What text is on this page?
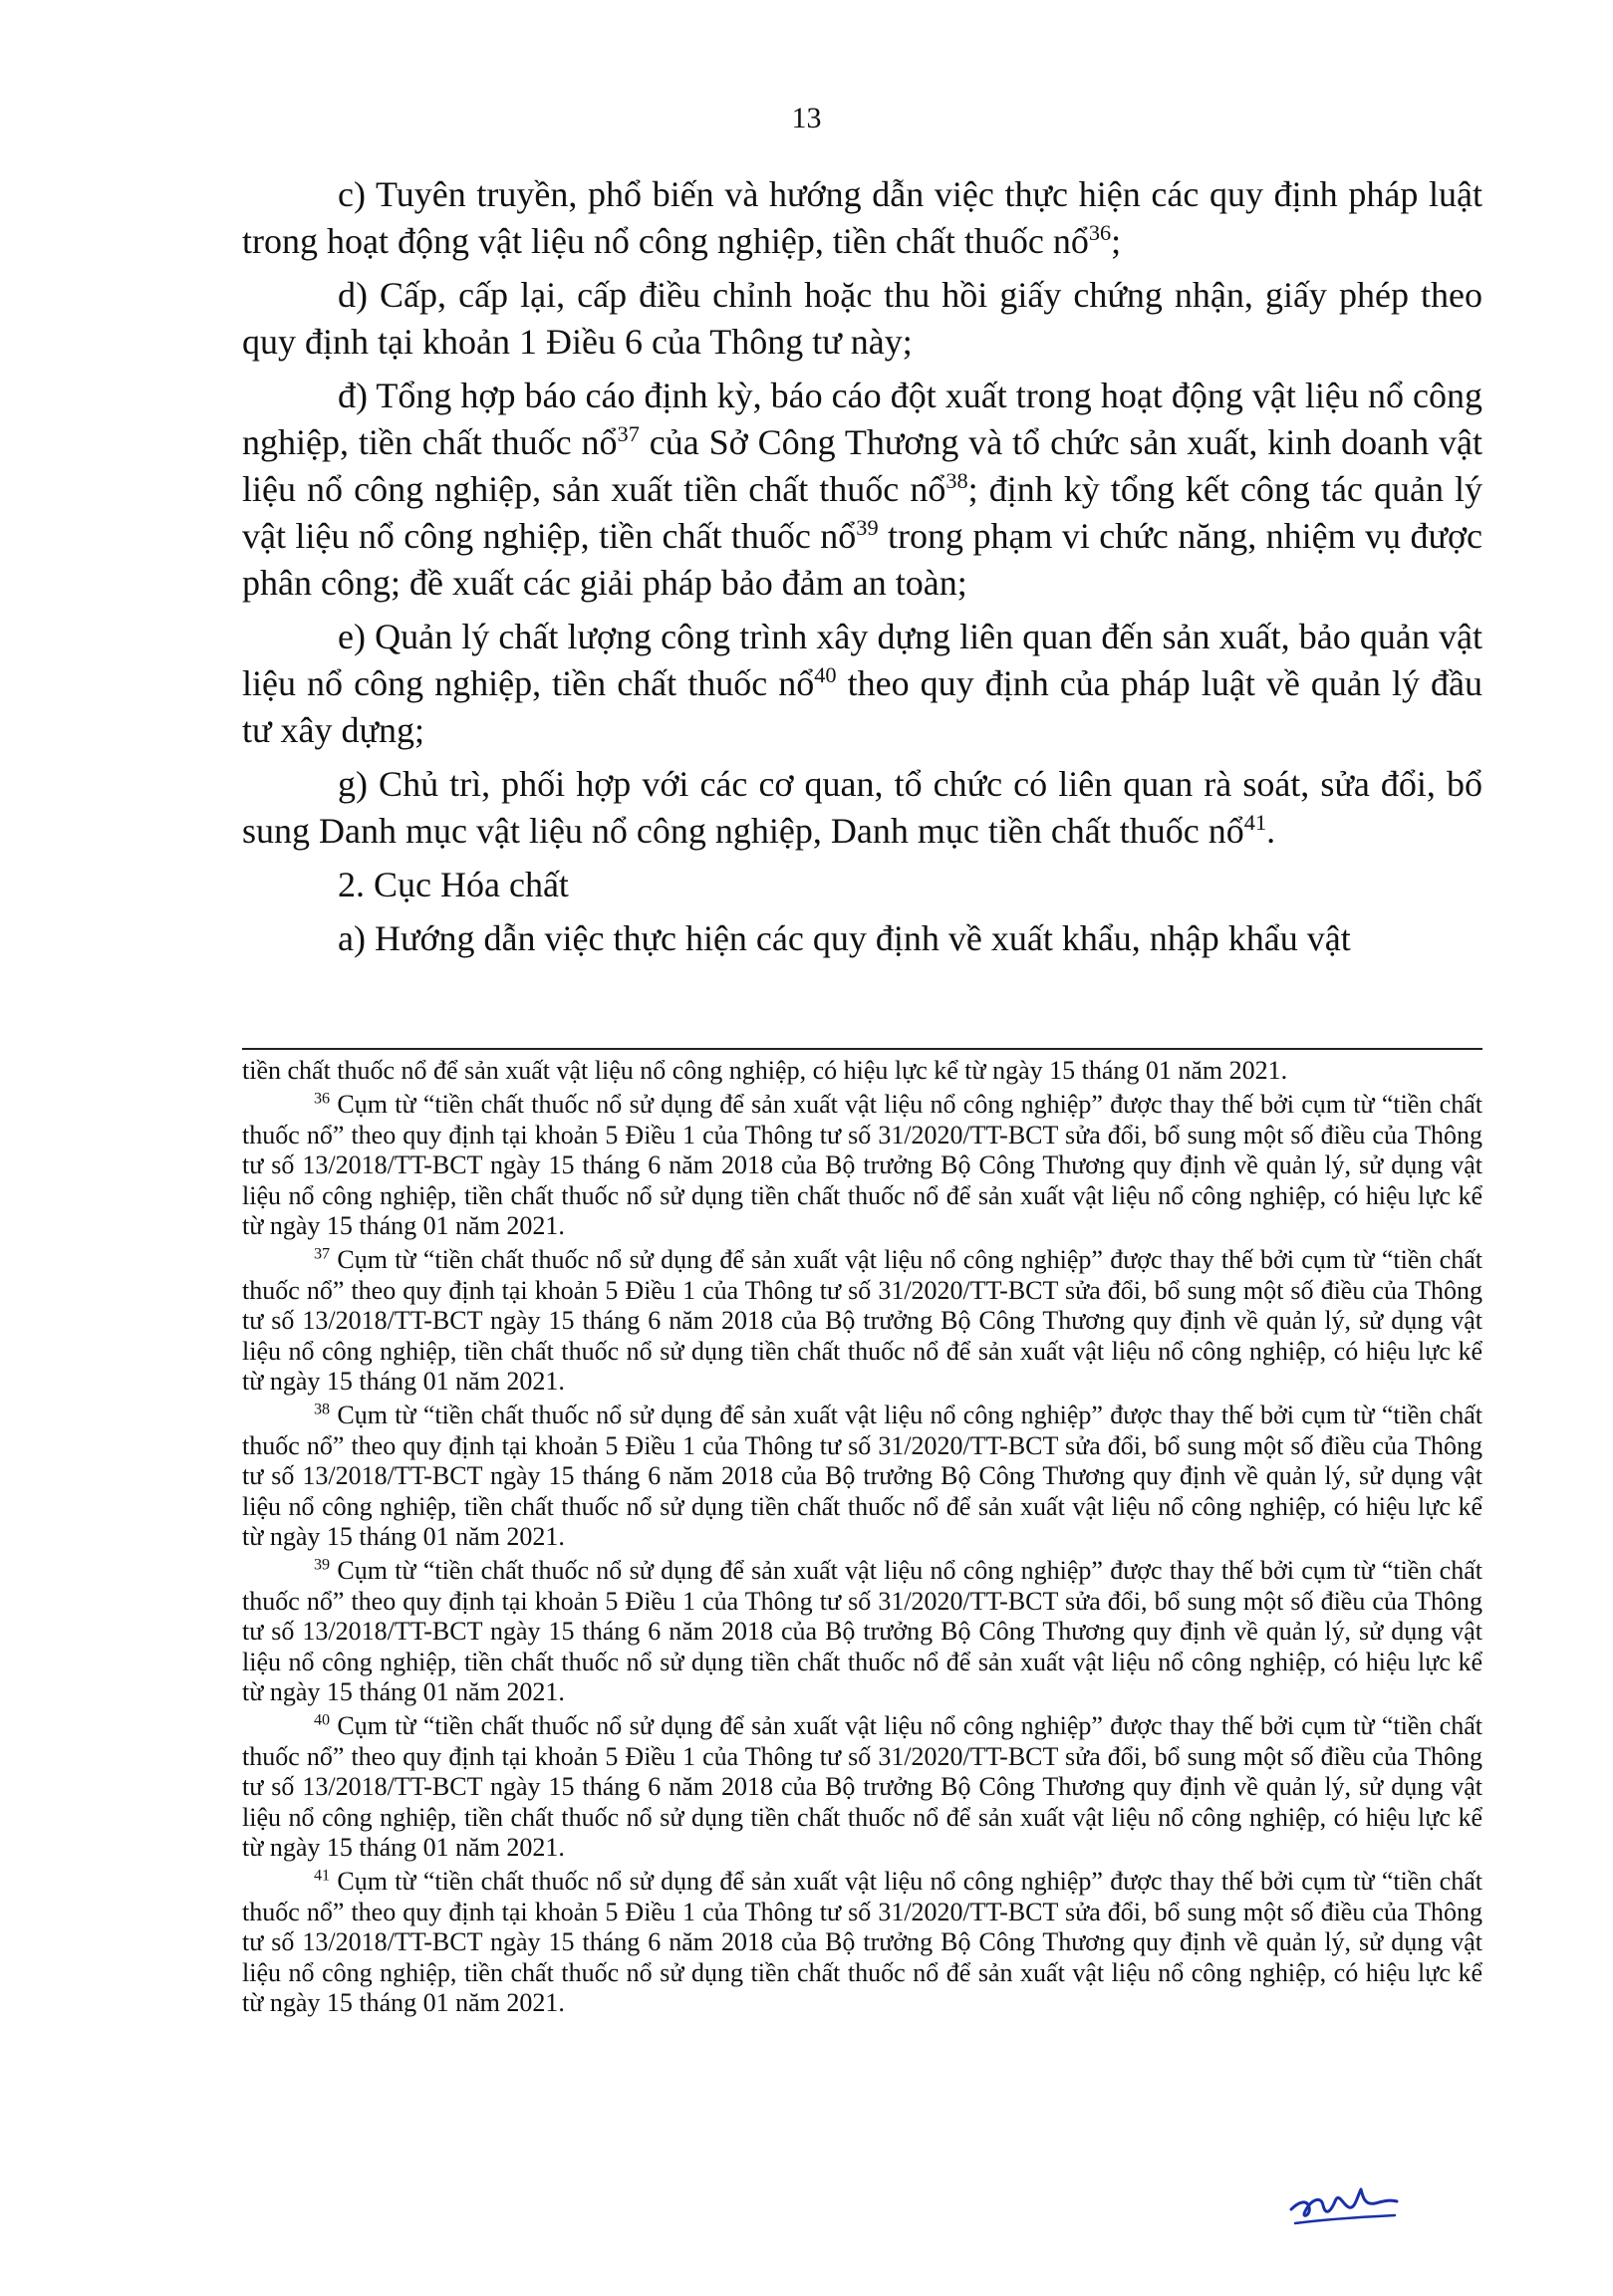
13

c) Tuyên truyền, phổ biến và hướng dẫn việc thực hiện các quy định pháp luật trong hoạt động vật liệu nổ công nghiệp, tiền chất thuốc nổ$^{36}$;

d) Cấp, cấp lại, cấp điều chỉnh hoặc thu hồi giấy chứng nhận, giấy phép theo quy định tại khoản 1 Điều 6 của Thông tư này;

đ) Tổng hợp báo cáo định kỳ, báo cáo đột xuất trong hoạt động vật liệu nổ công nghiệp, tiền chất thuốc nổ$^{37}$ của Sở Công Thương và tổ chức sản xuất, kinh doanh vật liệu nổ công nghiệp, sản xuất tiền chất thuốc nổ$^{38}$; định kỳ tổng kết công tác quản lý vật liệu nổ công nghiệp, tiền chất thuốc nổ$^{39}$ trong phạm vi chức năng, nhiệm vụ được phân công; đề xuất các giải pháp bảo đảm an toàn;

e) Quản lý chất lượng công trình xây dựng liên quan đến sản xuất, bảo quản vật liệu nổ công nghiệp, tiền chất thuốc nổ$^{40}$ theo quy định của pháp luật về quản lý đầu tư xây dựng;

g) Chủ trì, phối hợp với các cơ quan, tổ chức có liên quan rà soát, sửa đổi, bổ sung Danh mục vật liệu nổ công nghiệp, Danh mục tiền chất thuốc nổ$^{41}$.

2. Cục Hóa chất

a) Hướng dẫn việc thực hiện các quy định về xuất khẩu, nhập khẩu vật

tiền chất thuốc nổ để sản xuất vật liệu nổ công nghiệp, có hiệu lực kể từ ngày 15 tháng 01 năm 2021.

$^{36}$ Cụm từ “tiền chất thuốc nổ sử dụng để sản xuất vật liệu nổ công nghiệp” được thay thế bởi cụm từ “tiền chất thuốc nổ” theo quy định tại khoản 5 Điều 1 của Thông tư số 31/2020/TT-BCT sửa đổi, bổ sung một số điều của Thông tư số 13/2018/TT-BCT ngày 15 tháng 6 năm 2018 của Bộ trưởng Bộ Công Thương quy định về quản lý, sử dụng vật liệu nổ công nghiệp, tiền chất thuốc nổ sử dụng tiền chất thuốc nổ để sản xuất vật liệu nổ công nghiệp, có hiệu lực kể từ ngày 15 tháng 01 năm 2021.

$^{37}$ Cụm từ “tiền chất thuốc nổ sử dụng để sản xuất vật liệu nổ công nghiệp” được thay thế bởi cụm từ “tiền chất thuốc nổ” theo quy định tại khoản 5 Điều 1 của Thông tư số 31/2020/TT-BCT sửa đổi, bổ sung một số điều của Thông tư số 13/2018/TT-BCT ngày 15 tháng 6 năm 2018 của Bộ trưởng Bộ Công Thương quy định về quản lý, sử dụng vật liệu nổ công nghiệp, tiền chất thuốc nổ sử dụng tiền chất thuốc nổ để sản xuất vật liệu nổ công nghiệp, có hiệu lực kể từ ngày 15 tháng 01 năm 2021.

$^{38}$ Cụm từ “tiền chất thuốc nổ sử dụng để sản xuất vật liệu nổ công nghiệp” được thay thế bởi cụm từ “tiền chất thuốc nổ” theo quy định tại khoản 5 Điều 1 của Thông tư số 31/2020/TT-BCT sửa đổi, bổ sung một số điều của Thông tư số 13/2018/TT-BCT ngày 15 tháng 6 năm 2018 của Bộ trưởng Bộ Công Thương quy định về quản lý, sử dụng vật liệu nổ công nghiệp, tiền chất thuốc nổ sử dụng tiền chất thuốc nổ để sản xuất vật liệu nổ công nghiệp, có hiệu lực kể từ ngày 15 tháng 01 năm 2021.

$^{39}$ Cụm từ “tiền chất thuốc nổ sử dụng để sản xuất vật liệu nổ công nghiệp” được thay thế bởi cụm từ “tiền chất thuốc nổ” theo quy định tại khoản 5 Điều 1 của Thông tư số 31/2020/TT-BCT sửa đổi, bổ sung một số điều của Thông tư số 13/2018/TT-BCT ngày 15 tháng 6 năm 2018 của Bộ trưởng Bộ Công Thương quy định về quản lý, sử dụng vật liệu nổ công nghiệp, tiền chất thuốc nổ sử dụng tiền chất thuốc nổ để sản xuất vật liệu nổ công nghiệp, có hiệu lực kể từ ngày 15 tháng 01 năm 2021.

$^{40}$ Cụm từ “tiền chất thuốc nổ sử dụng để sản xuất vật liệu nổ công nghiệp” được thay thế bởi cụm từ “tiền chất thuốc nổ” theo quy định tại khoản 5 Điều 1 của Thông tư số 31/2020/TT-BCT sửa đổi, bổ sung một số điều của Thông tư số 13/2018/TT-BCT ngày 15 tháng 6 năm 2018 của Bộ trưởng Bộ Công Thương quy định về quản lý, sử dụng vật liệu nổ công nghiệp, tiền chất thuốc nổ sử dụng tiền chất thuốc nổ để sản xuất vật liệu nổ công nghiệp, có hiệu lực kể từ ngày 15 tháng 01 năm 2021.

$^{41}$ Cụm từ “tiền chất thuốc nổ sử dụng để sản xuất vật liệu nổ công nghiệp” được thay thế bởi cụm từ “tiền chất thuốc nổ” theo quy định tại khoản 5 Điều 1 của Thông tư số 31/2020/TT-BCT sửa đổi, bổ sung một số điều của Thông tư số 13/2018/TT-BCT ngày 15 tháng 6 năm 2018 của Bộ trưởng Bộ Công Thương quy định về quản lý, sử dụng vật liệu nổ công nghiệp, tiền chất thuốc nổ sử dụng tiền chất thuốc nổ để sản xuất vật liệu nổ công nghiệp, có hiệu lực kể từ ngày 15 tháng 01 năm 2021.
